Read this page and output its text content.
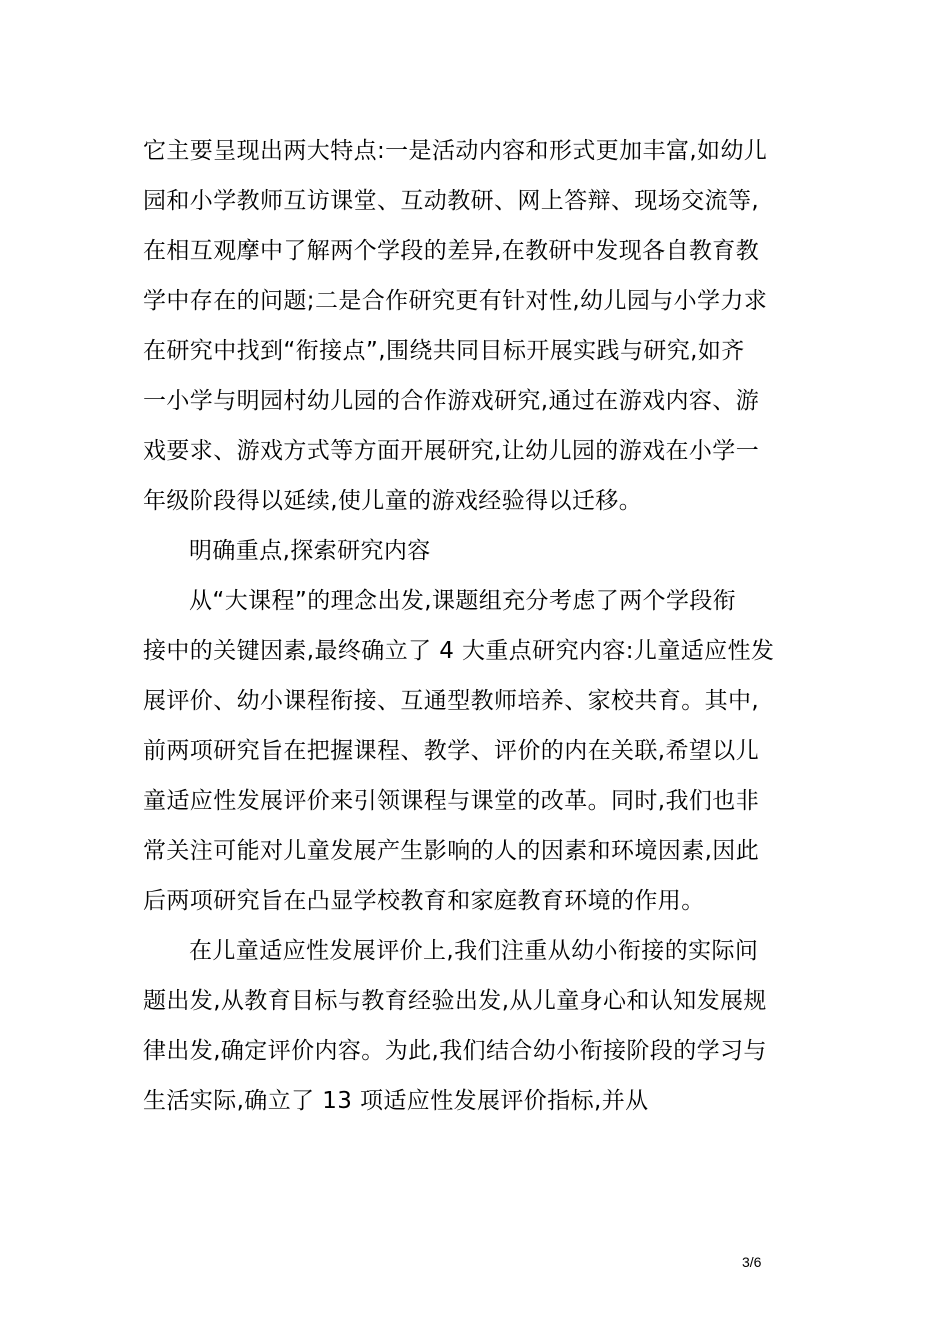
它主要呈现出两大特点:一是活动内容和形式更加丰富,如幼儿
园和小学教师互访课堂、互动教研、网上答辩、现场交流等,
在相互观摩中了解两个学段的差异,在教研中发现各自教育教
学中存在的问题;二是合作研究更有针对性,幼儿园与小学力求
在研究中找到“衔接点”,围绕共同目标开展实践与研究,如齐
一小学与明园村幼儿园的合作游戏研究,通过在游戏内容、游
戏要求、游戏方式等方面开展研究,让幼儿园的游戏在小学一
年级阶段得以延续,使儿童的游戏经验得以迁移。
明确重点,探索研究内容
从“大课程”的理念出发,课题组充分考虑了两个学段衔
接中的关键因素,最终确立了 4 大重点研究内容:儿童适应性发
展评价、幼小课程衔接、互通型教师培养、家校共育。其中,
前两项研究旨在把握课程、教学、评价的内在关联,希望以儿
童适应性发展评价来引领课程与课堂的改革。同时,我们也非
常关注可能对儿童发展产生影响的人的因素和环境因素,因此
后两项研究旨在凸显学校教育和家庭教育环境的作用。
在儿童适应性发展评价上,我们注重从幼小衔接的实际问
题出发,从教育目标与教育经验出发,从儿童身心和认知发展规
律出发,确定评价内容。为此,我们结合幼小衔接阶段的学习与
生活实际,确立了 13 项适应性发展评价指标,并从
3/6
